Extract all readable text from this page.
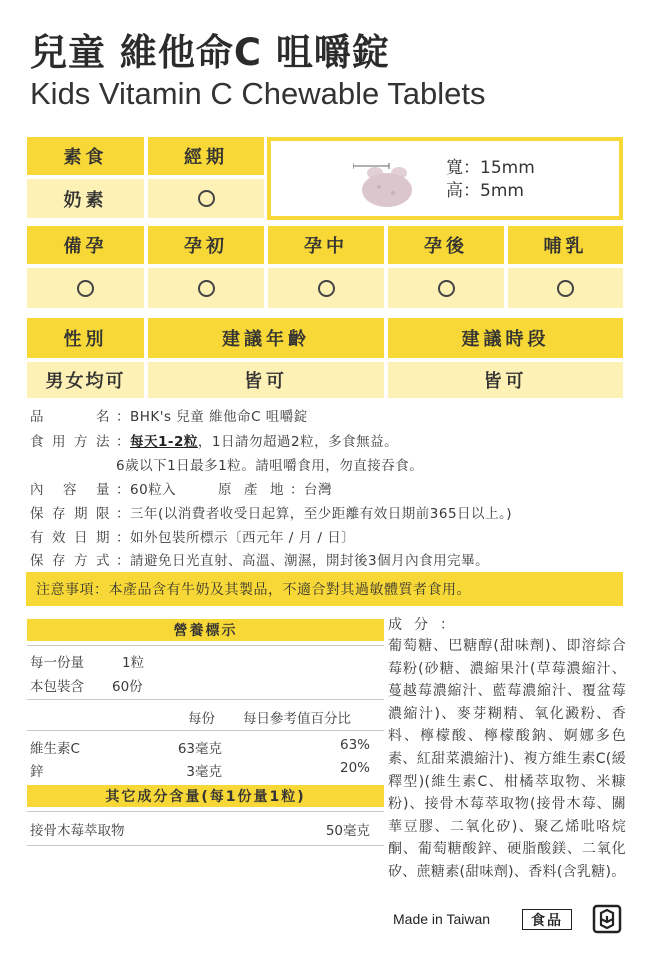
兒童 維他命C 咀嚼錠
Kids Vitamin C Chewable Tablets
素食	經期
奶素
寬：15mm
高：5mm
備孕	孕初	孕中	孕後	哺乳
性別	建議年齡	建議時段
男女均可	皆可	皆可
品名 ：BHK's 兒童 維他命C 咀嚼錠
食用方法 ：每天1-2粒，1日請勿超過2粒，多食無益。
6歲以下1日最多1粒。請咀嚼食用，勿直接吞食。
內容量 ：60粒入	原產地 ：台灣
保存期限 ：三年(以消費者收受日起算，至少距離有效日期前365日以上。)
有效日期 ：如外包裝所標示〔西元年 / 月 / 日〕
保存方式 ：請避免日光直射、高溫、潮濕，開封後3個月內食用完畢。
注意事項：本產品含有牛奶及其製品，不適合對其過敏體質者食用。
營養標示
每一份量	1粒
本包裝含 60份
每份 每日參考值百分比
維生素C	63毫克	63%
鋅	3毫克	20%
其它成分含量(每1份量1粒)
接骨木莓萃取物	50毫克
成分：
葡萄糖、巴糖醇(甜味劑)、即溶綜合莓粉(砂糖、濃縮果汁(草莓濃縮汁、蔓越莓濃縮汁、藍莓濃縮汁、覆盆莓濃縮汁)、麥芽糊精、氧化澱粉、香料、檸檬酸、檸檬酸鈉、婀娜多色素、紅甜菜濃縮汁)、複方維生素C(緩釋型)(維生素C、柑橘萃取物、米糠粉)、接骨木莓萃取物(接骨木莓、關華豆膠、二氧化矽)、聚乙烯吡咯烷酮、葡萄糖酸鋅、硬脂酸鎂、二氧化矽、蔗糖素(甜味劑)、香料(含乳糖)。
Made in Taiwan	食品
